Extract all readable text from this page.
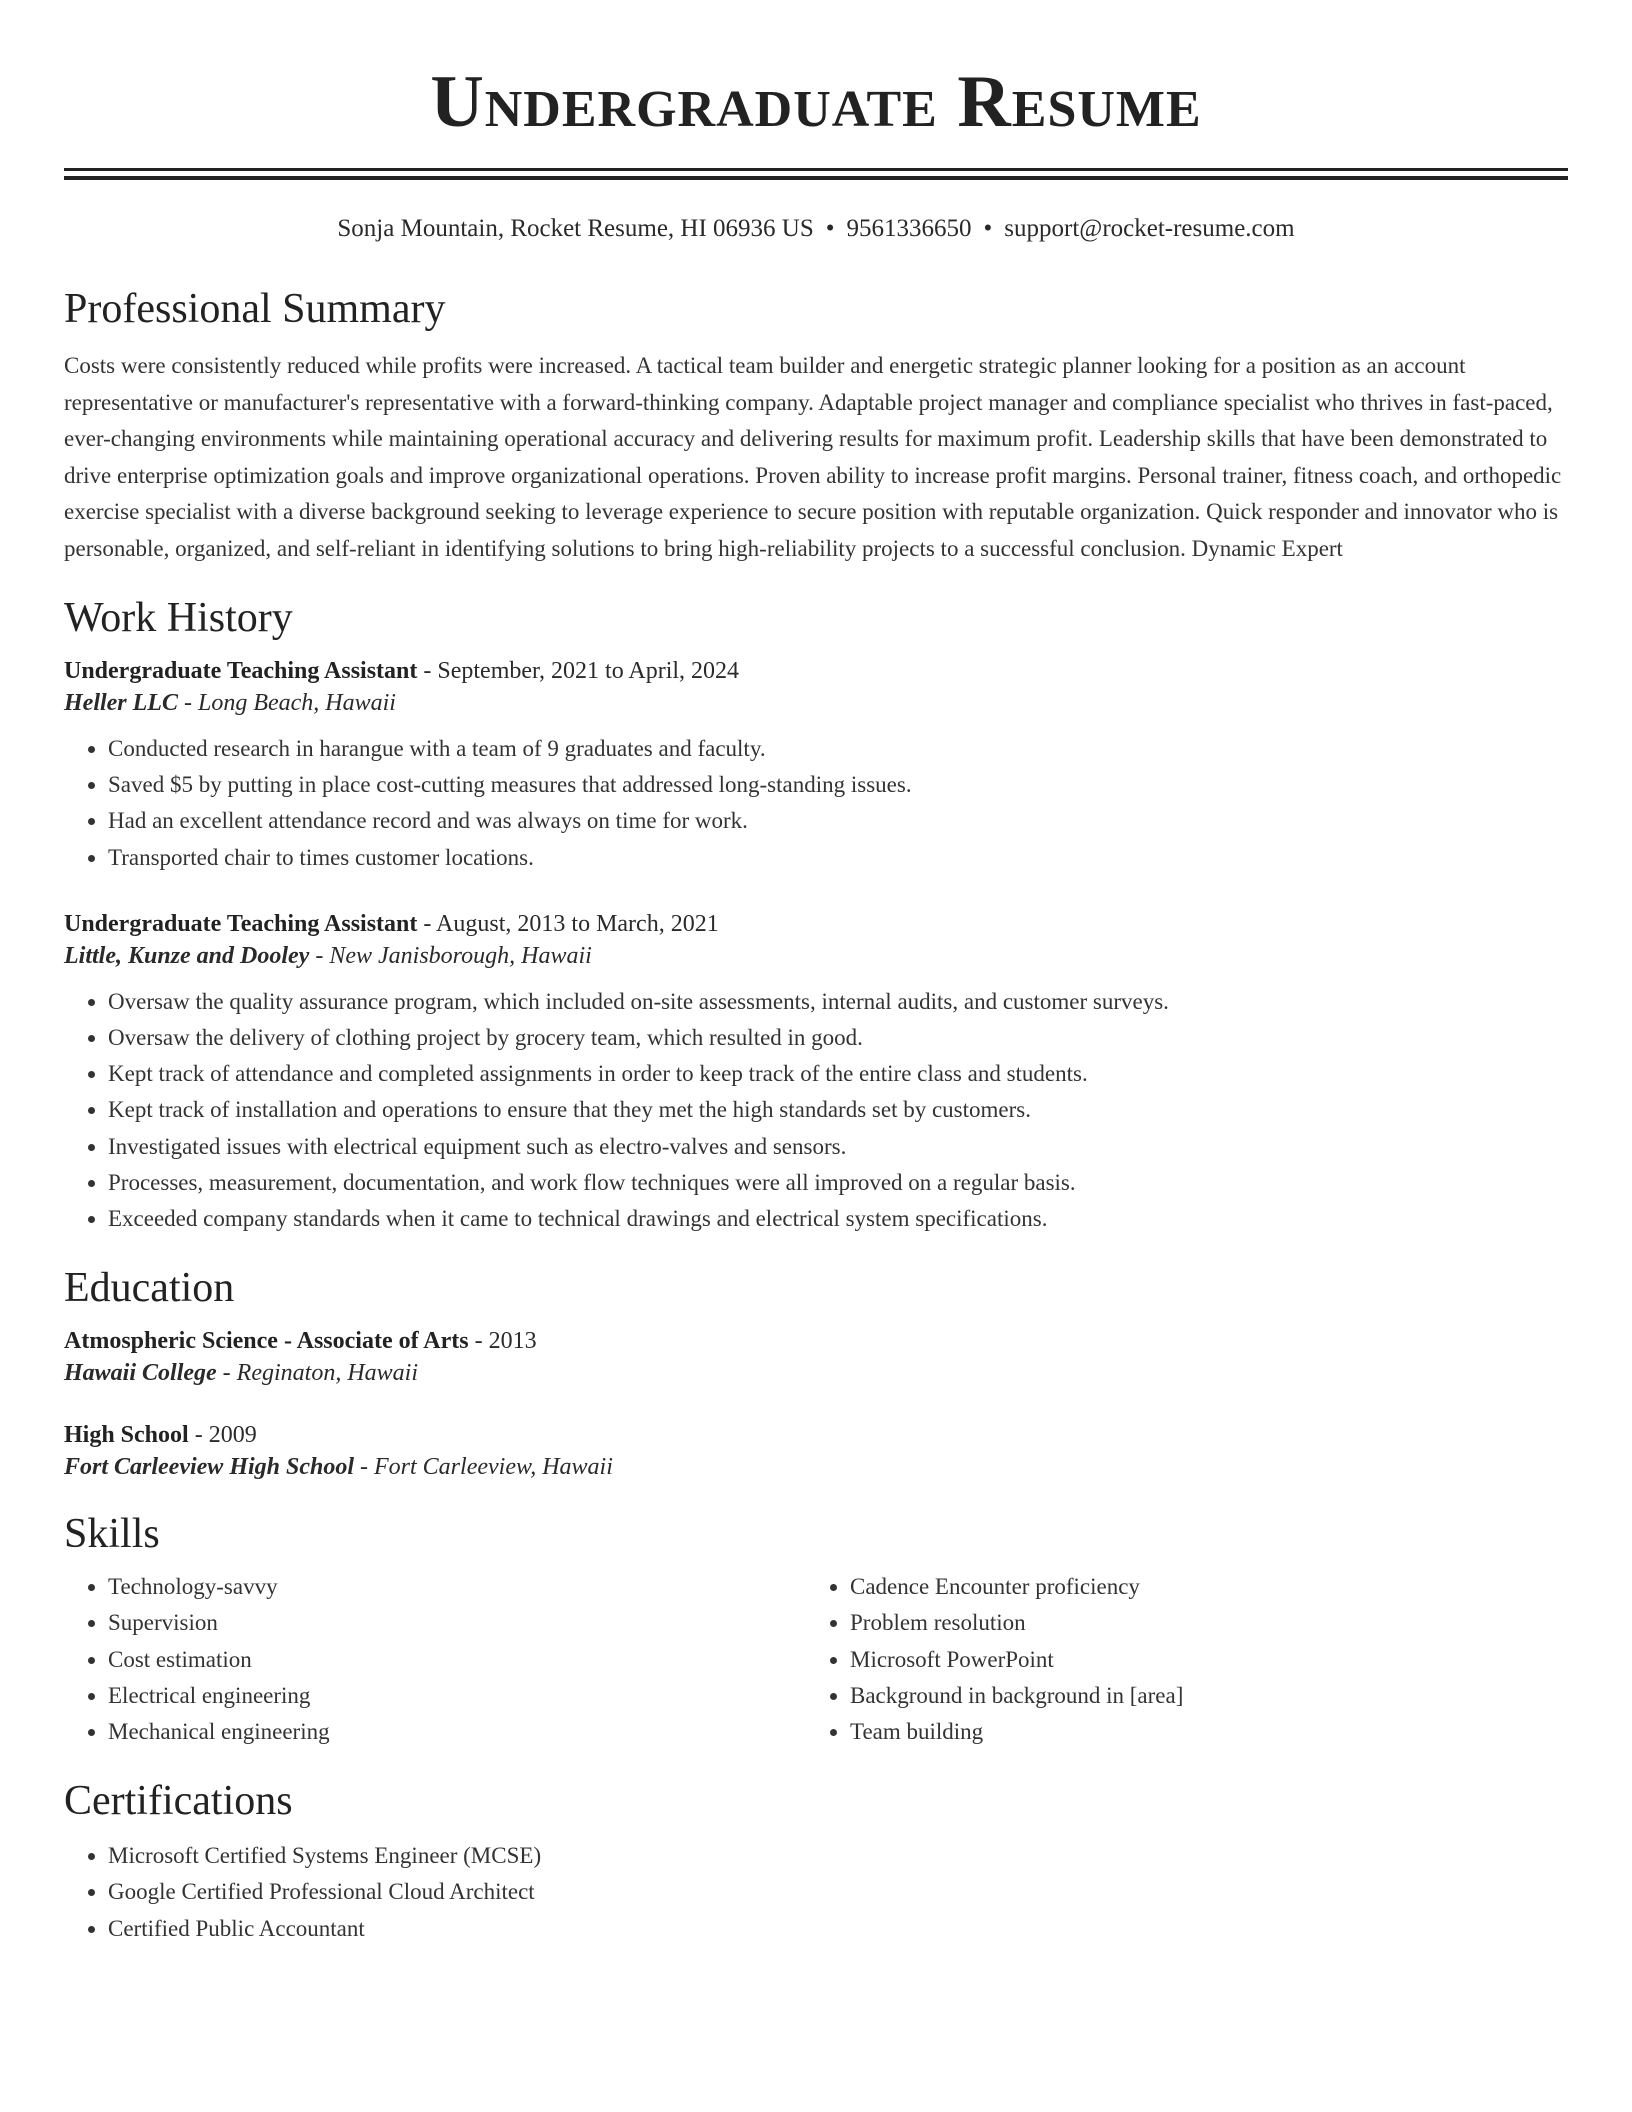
Undergraduate Resume
Sonja Mountain, Rocket Resume, HI 06936 US • 9561336650 • support@rocket-resume.com
Professional Summary

Costs were consistently reduced while profits were increased. A tactical team builder and energetic strategic planner looking for a position as an account representative or manufacturer's representative with a forward-thinking company. Adaptable project manager and compliance specialist who thrives in fast-paced, ever-changing environments while maintaining operational accuracy and delivering results for maximum profit. Leadership skills that have been demonstrated to drive enterprise optimization goals and improve organizational operations. Proven ability to increase profit margins. Personal trainer, fitness coach, and orthopedic exercise specialist with a diverse background seeking to leverage experience to secure position with reputable organization. Quick responder and innovator who is personable, organized, and self-reliant in identifying solutions to bring high-reliability projects to a successful conclusion. Dynamic Expert

Work History
Undergraduate Teaching Assistant - September, 2021 to April, 2024
Heller LLC - Long Beach, Hawaii
• Conducted research in harangue with a team of 9 graduates and faculty.
• Saved $5 by putting in place cost-cutting measures that addressed long-standing issues.
• Had an excellent attendance record and was always on time for work.
• Transported chair to times customer locations.
Undergraduate Teaching Assistant - August, 2013 to March, 2021
Little, Kunze and Dooley - New Janisborough, Hawaii
• Oversaw the quality assurance program, which included on-site assessments, internal audits, and customer surveys.
• Oversaw the delivery of clothing project by grocery team, which resulted in good.
• Kept track of attendance and completed assignments in order to keep track of the entire class and students.
• Kept track of installation and operations to ensure that they met the high standards set by customers.
• Investigated issues with electrical equipment such as electro-valves and sensors.
• Processes, measurement, documentation, and work flow techniques were all improved on a regular basis.
• Exceeded company standards when it came to technical drawings and electrical system specifications.
Education
Atmospheric Science - Associate of Arts - 2013
Hawaii College - Reginaton, Hawaii
High School - 2009
Fort Carleeview High School - Fort Carleeview, Hawaii
Skills
• Technology-savvy
• Supervision
• Cost estimation
• Electrical engineering
• Mechanical engineering
• Cadence Encounter proficiency
• Problem resolution
• Microsoft PowerPoint
• Background in background in [area]
• Team building
Certifications
• Microsoft Certified Systems Engineer (MCSE)
• Google Certified Professional Cloud Architect
• Certified Public Accountant
